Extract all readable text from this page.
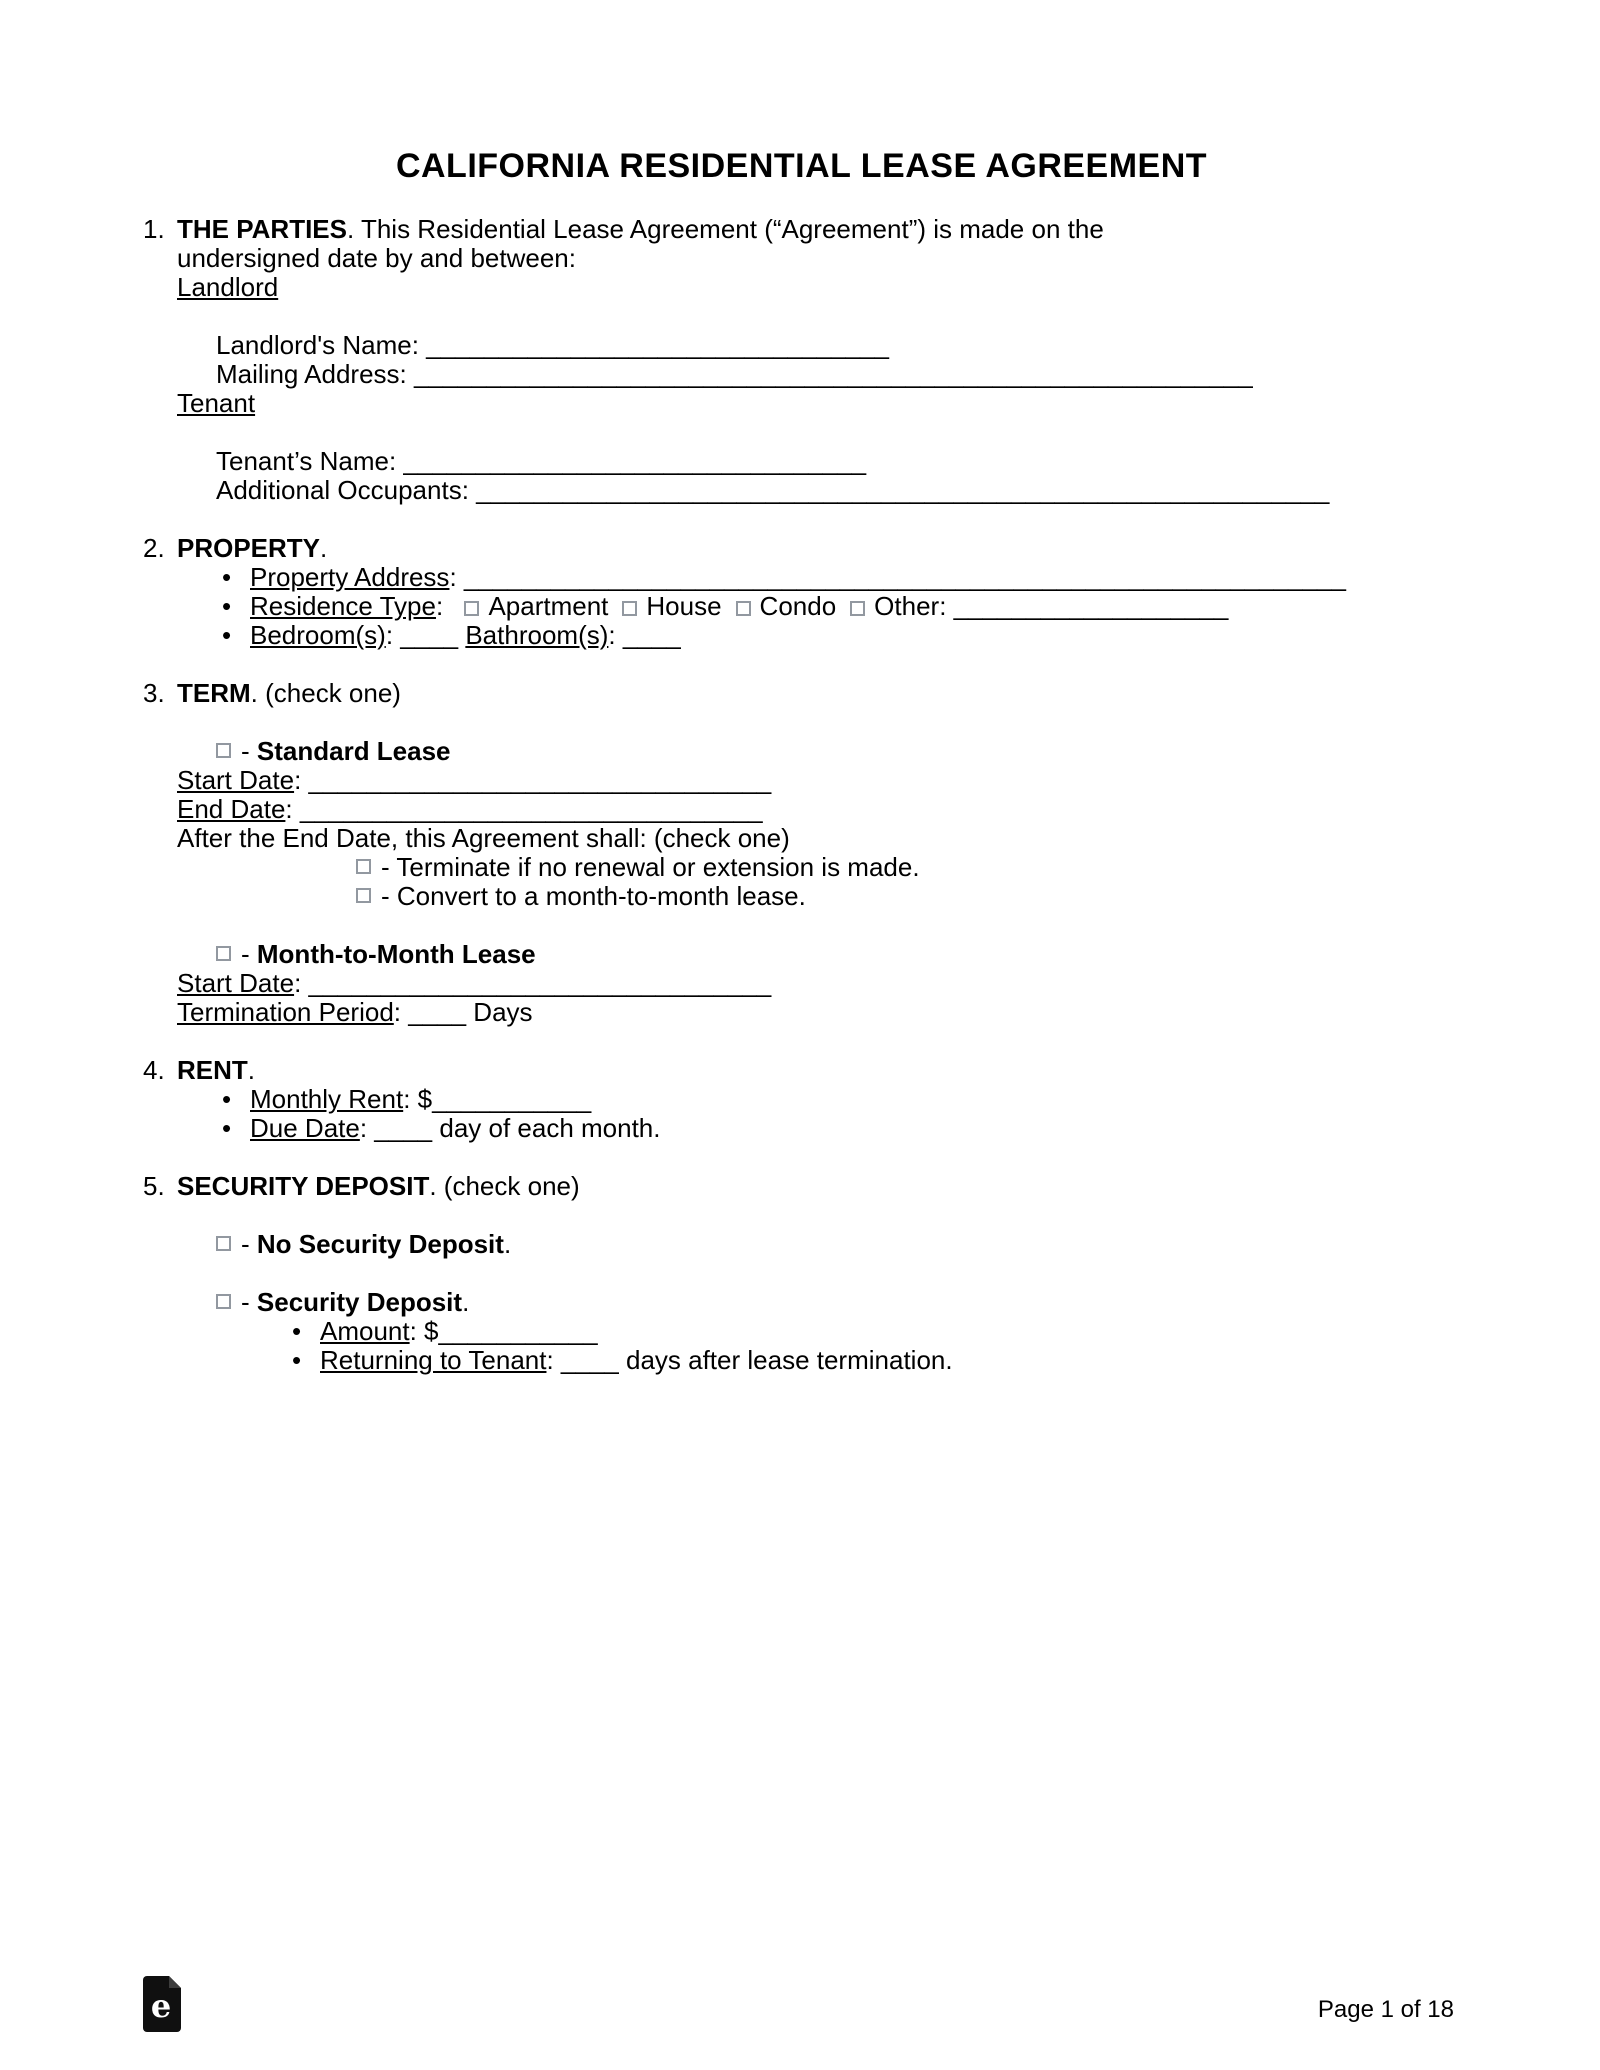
CALIFORNIA RESIDENTIAL LEASE AGREEMENT
1. THE PARTIES. This Residential Lease Agreement (“Agreement”) is made on the
undersigned date by and between:

Landlord

Landlord's Name: ________________________________

Mailing Address: __________________________________________________________

Tenant

Tenant’s Name: ________________________________

Additional Occupants: ___________________________________________________________

2. PROPERTY.

•

Property Address: _____________________________________________________________

•

Residence Type: Apartment House Condo Other: ___________________

•

Bedroom(s): ____ Bathroom(s): ____

3. TERM. (check one)

- Standard Lease

Start Date: ________________________________

End Date: ________________________________

After the End Date, this Agreement shall: (check one)

- Terminate if no renewal or extension is made.

- Convert to a month-to-month lease.

- Month-to-Month Lease

Start Date: ________________________________

Termination Period: ____ Days

4. RENT.

•

Monthly Rent: $___________

•

Due Date: ____ day of each month.

5. SECURITY DEPOSIT. (check one)

- No Security Deposit.

- Security Deposit.

•

Amount: $___________

•

Returning to Tenant: ____ days after lease termination.

e	Page 1 of 18
